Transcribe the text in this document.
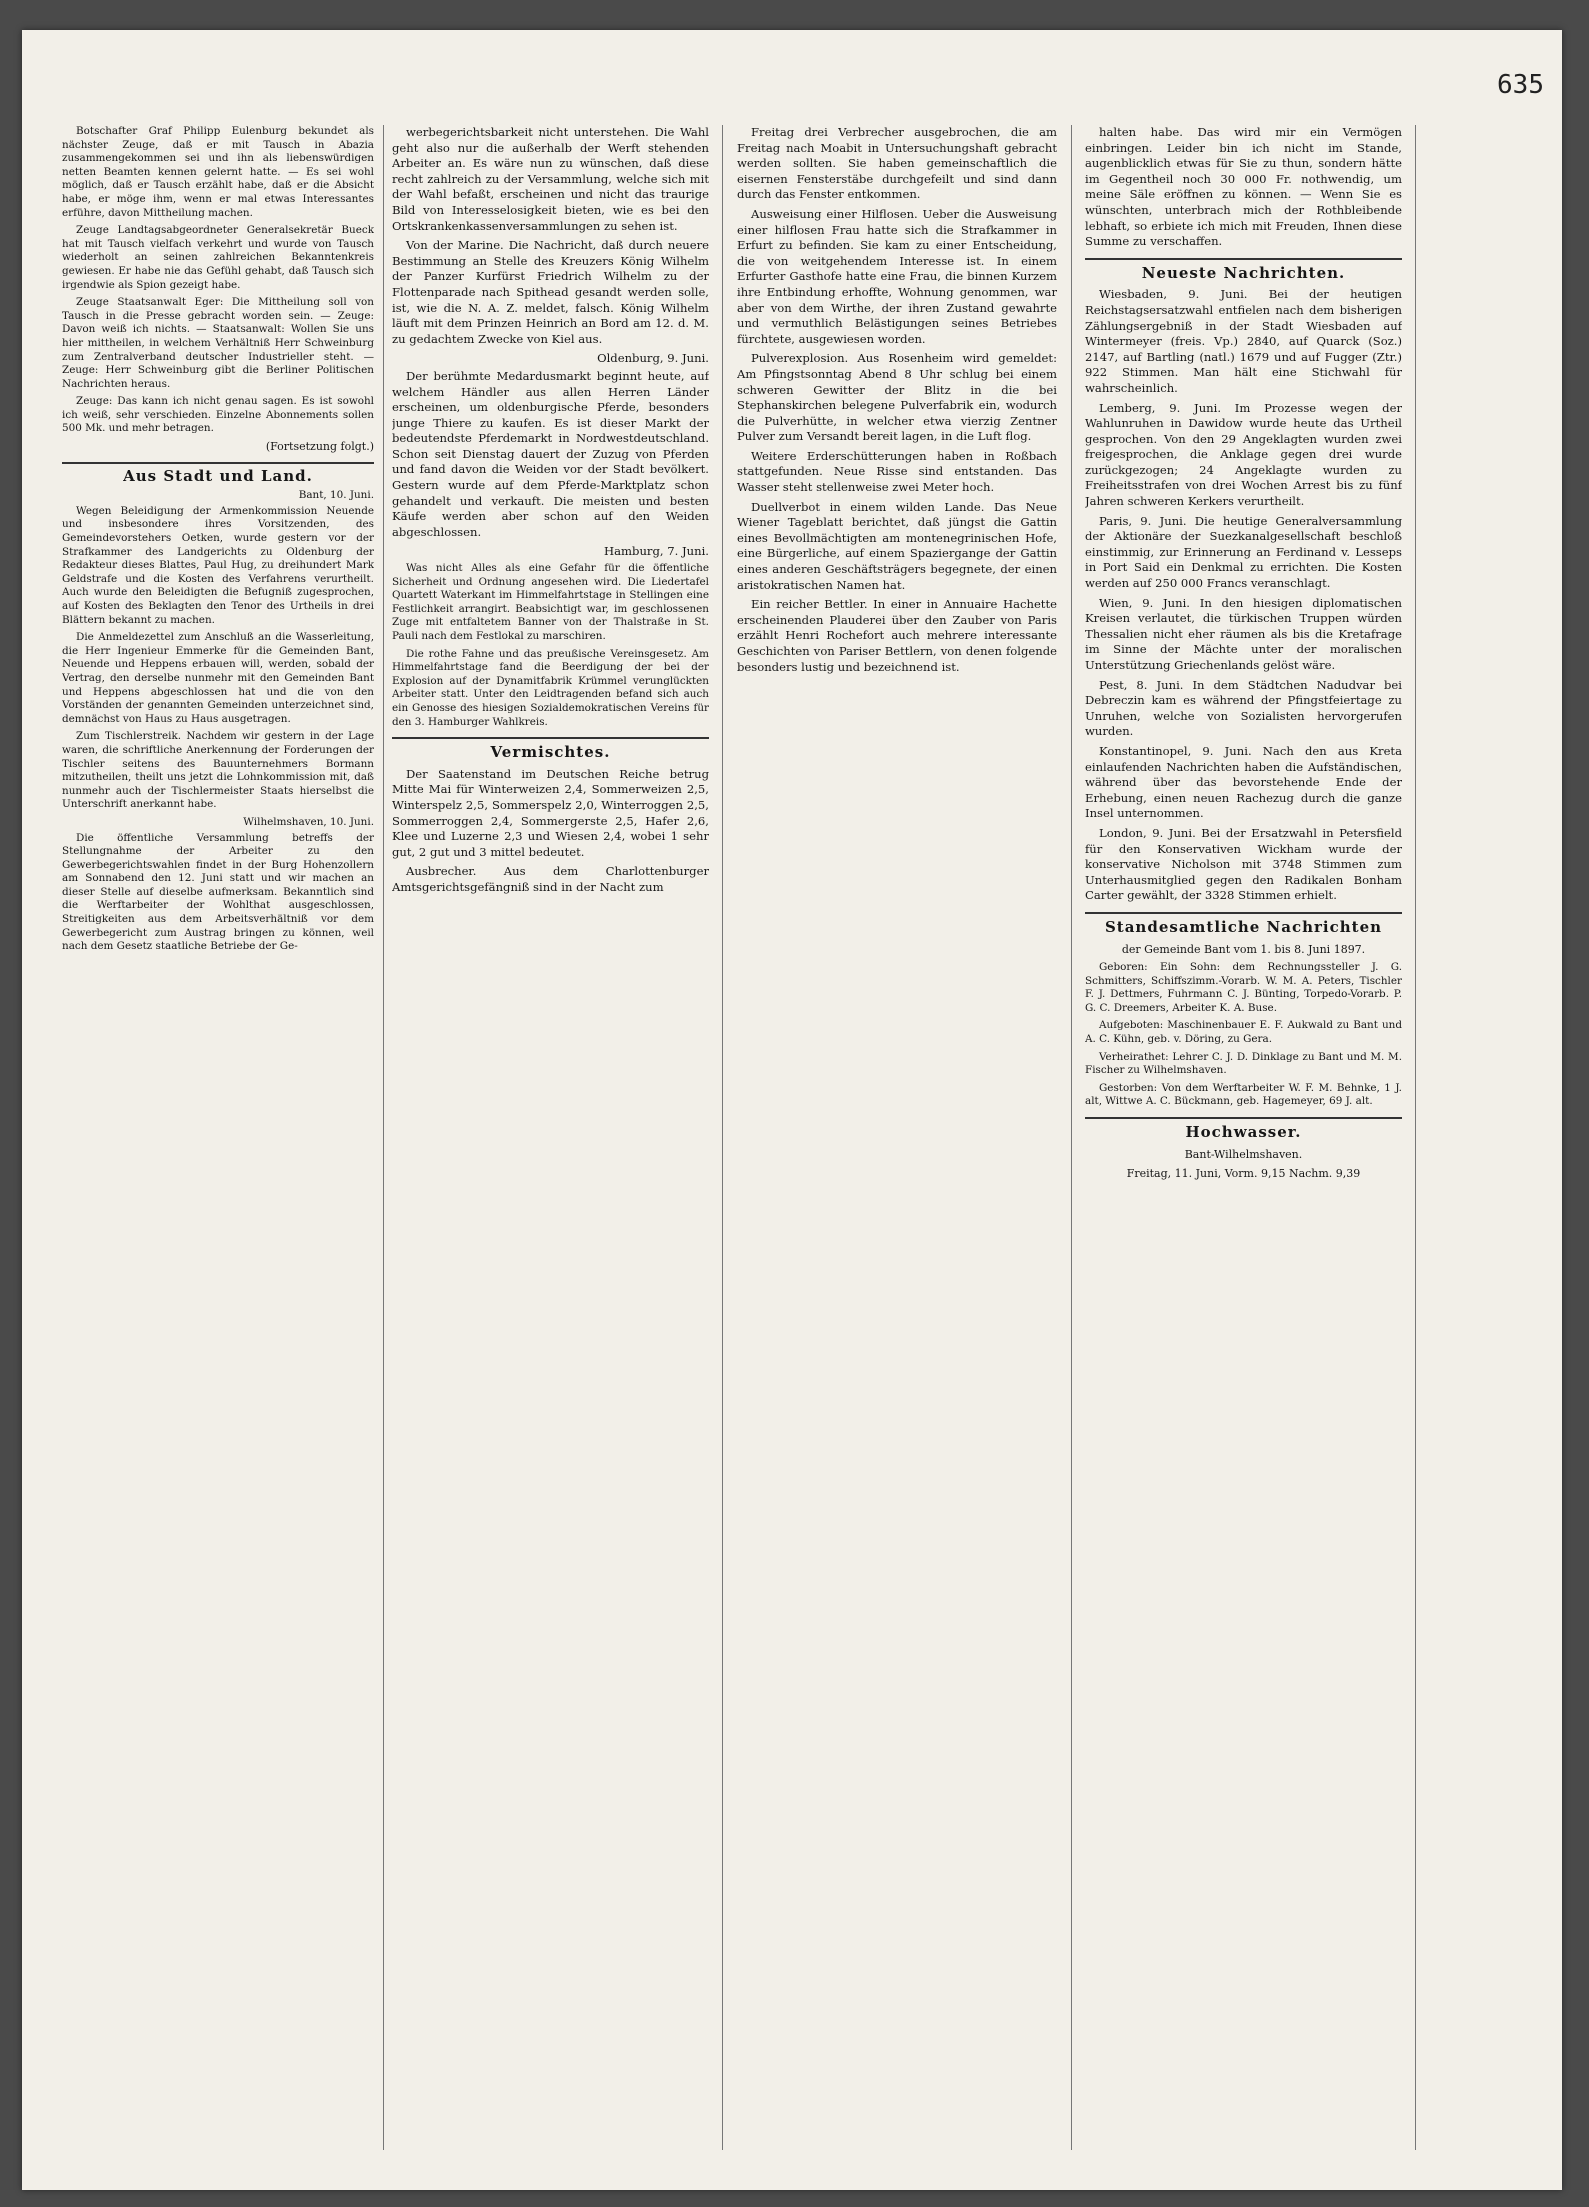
635

Botschafter Graf Philipp Eulenburg bekundet als nächster Zeuge, daß er mit Tausch in Abazia zusammengekommen sei und ihn als liebenswürdigen netten Beamten kennen gelernt hatte. — Es sei wohl möglich, daß er Tausch erzählt habe, daß er die Absicht habe, er möge ihm, wenn er mal etwas Interessantes erführe, davon Mittheilung machen.

Zeuge Landtagsabgeordneter Generalsekretär Bueck hat mit Tausch vielfach verkehrt und wurde von Tausch wiederholt an seinen zahlreichen Bekanntenkreis gewiesen. Er habe nie das Gefühl gehabt, daß Tausch sich irgendwie als Spion gezeigt habe.

Zeuge Staatsanwalt Eger: Die Mittheilung soll von Tausch in die Presse gebracht worden sein. — Zeuge: Davon weiß ich nichts. — Staatsanwalt: Wollen Sie uns hier mittheilen, in welchem Verhältniß Herr Schweinburg zum Zentralverband deutscher Industrieller steht. — Zeuge: Herr Schweinburg gibt die Berliner Politischen Nachrichten heraus.

Zeuge: Das kann ich nicht genau sagen. Es ist sowohl ich weiß, sehr verschieden. Einzelne Abonnements sollen 500 Mk. und mehr betragen.

(Fortsetzung folgt.)
Aus Stadt und Land.
Bant, 10. Juni.

Wegen Beleidigung der Armenkommission Neuende und insbesondere ihres Vorsitzenden, des Gemeindevorstehers Oetken, wurde gestern vor der Strafkammer des Landgerichts zu Oldenburg der Redakteur dieses Blattes, Paul Hug, zu dreihundert Mark Geldstrafe und die Kosten des Verfahrens verurtheilt. Auch wurde den Beleidigten die Befugniß zugesprochen, auf Kosten des Beklagten den Tenor des Urtheils in drei Blättern bekannt zu machen.

Die Anmeldezettel zum Anschluß an die Wasserleitung, die Herr Ingenieur Emmerke für die Gemeinden Bant, Neuende und Heppens erbauen will, werden, sobald der Vertrag, den derselbe nunmehr mit den Gemeinden Bant und Heppens abgeschlossen hat und die von den Vorständen der genannten Gemeinden unterzeichnet sind, demnächst von Haus zu Haus ausgetragen.

Zum Tischlerstreik. Nachdem wir gestern in der Lage waren, die schriftliche Anerkennung der Forderungen der Tischler seitens des Bauunternehmers Bormann mitzutheilen, theilt uns jetzt die Lohnkommission mit, daß nunmehr auch der Tischlermeister Staats hierselbst die Unterschrift anerkannt habe.

Wilhelmshaven, 10. Juni.

Die öffentliche Versammlung betreffs der Stellungnahme der Arbeiter zu den Gewerbegerichtswahlen findet in der Burg Hohenzollern am Sonnabend den 12. Juni statt und wir machen an dieser Stelle auf dieselbe aufmerksam. Bekanntlich sind die Werftarbeiter der Wohlthat ausgeschlossen, Streitigkeiten aus dem Arbeitsverhältniß vor dem Gewerbegericht zum Austrag bringen zu können, weil nach dem Gesetz staatliche Betriebe der Ge-

werbegerichtsbarkeit nicht unterstehen. Die Wahl geht also nur die außerhalb der Werft stehenden Arbeiter an. Es wäre nun zu wünschen, daß diese recht zahlreich zu der Versammlung, welche sich mit der Wahl befaßt, erscheinen und nicht das traurige Bild von Interesselosigkeit bieten, wie es bei den Ortskrankenkassenversammlungen zu sehen ist.

Von der Marine. Die Nachricht, daß durch neuere Bestimmung an Stelle des Kreuzers König Wilhelm der Panzer Kurfürst Friedrich Wilhelm zu der Flottenparade nach Spithead gesandt werden solle, ist, wie die N. A. Z. meldet, falsch. König Wilhelm läuft mit dem Prinzen Heinrich an Bord am 12. d. M. zu gedachtem Zwecke von Kiel aus.

Oldenburg, 9. Juni.

Der berühmte Medardusmarkt beginnt heute, auf welchem Händler aus allen Herren Länder erscheinen, um oldenburgische Pferde, besonders junge Thiere zu kaufen. Es ist dieser Markt der bedeutendste Pferdemarkt in Nordwestdeutschland. Schon seit Dienstag dauert der Zuzug von Pferden und fand davon die Weiden vor der Stadt bevölkert. Gestern wurde auf dem Pferde-Marktplatz schon gehandelt und verkauft. Die meisten und besten Käufe werden aber schon auf den Weiden abgeschlossen.

Hamburg, 7. Juni.

Was nicht Alles als eine Gefahr für die öffentliche Sicherheit und Ordnung angesehen wird. Die Liedertafel Quartett Waterkant im Himmelfahrtstage in Stellingen eine Festlichkeit arrangirt. Beabsichtigt war, im geschlossenen Zuge mit entfaltetem Banner von der Thalstraße in St. Pauli nach dem Festlokal zu marschiren.

Die rothe Fahne und das preußische Vereinsgesetz. Am Himmelfahrtstage fand die Beerdigung der bei der Explosion auf der Dynamitfabrik Krümmel verunglückten Arbeiter statt. Unter den Leidtragenden befand sich auch ein Genosse des hiesigen Sozialdemokratischen Vereins für den 3. Hamburger Wahlkreis.

Vermischtes.

Der Saatenstand im Deutschen Reiche betrug Mitte Mai für Winterweizen 2,4, Sommerweizen 2,5, Winterspelz 2,5, Sommerspelz 2,0, Winterroggen 2,5, Sommerroggen 2,4, Sommergerste 2,5, Hafer 2,6, Klee und Luzerne 2,3 und Wiesen 2,4, wobei 1 sehr gut, 2 gut und 3 mittel bedeutet.

Ausbrecher. Aus dem Charlottenburger Amtsgerichtsgefängniß sind in der Nacht zum

Freitag drei Verbrecher ausgebrochen, die am Freitag nach Moabit in Untersuchungshaft gebracht werden sollten. Sie haben gemeinschaftlich die eisernen Fensterstäbe durchgefeilt und sind dann durch das Fenster entkommen.

Ausweisung einer Hilflosen. Ueber die Ausweisung einer hilflosen Frau hatte sich die Strafkammer in Erfurt zu befinden. Sie kam zu einer Entscheidung, die von weitgehendem Interesse ist. In einem Erfurter Gasthofe hatte eine Frau, die binnen Kurzem ihre Entbindung erhoffte, Wohnung genommen, war aber von dem Wirthe, der ihren Zustand gewahrte und vermuthlich Belästigungen seines Betriebes fürchtete, ausgewiesen worden.

Pulverexplosion. Aus Rosenheim wird gemeldet: Am Pfingstsonntag Abend 8 Uhr schlug bei einem schweren Gewitter der Blitz in die bei Stephanskirchen belegene Pulverfabrik ein, wodurch die Pulverhütte, in welcher etwa vierzig Zentner Pulver zum Versandt bereit lagen, in die Luft flog.

Weitere Erderschütterungen haben in Roßbach stattgefunden. Neue Risse sind entstanden. Das Wasser steht stellenweise zwei Meter hoch.

Duellverbot in einem wilden Lande. Das Neue Wiener Tageblatt berichtet, daß jüngst die Gattin eines Bevollmächtigten am montenegrinischen Hofe, eine Bürgerliche, auf einem Spaziergange der Gattin eines anderen Geschäftsträgers begegnete, der einen aristokratischen Namen hat.

Ein reicher Bettler. In einer in Annuaire Hachette erscheinenden Plauderei über den Zauber von Paris erzählt Henri Rochefort auch mehrere interessante Geschichten von Pariser Bettlern, von denen folgende besonders lustig und bezeichnend ist.

halten habe. Das wird mir ein Vermögen einbringen. Leider bin ich nicht im Stande, augenblicklich etwas für Sie zu thun, sondern hätte im Gegentheil noch 30 000 Fr. nothwendig, um meine Säle eröffnen zu können. — Wenn Sie es wünschten, unterbrach mich der Rothbleibende lebhaft, so erbiete ich mich mit Freuden, Ihnen diese Summe zu verschaffen.

Neueste Nachrichten.

Wiesbaden, 9. Juni. Bei der heutigen Reichstagsersatzwahl entfielen nach dem bisherigen Zählungsergebniß in der Stadt Wiesbaden auf Wintermeyer (freis. Vp.) 2840, auf Quarck (Soz.) 2147, auf Bartling (natl.) 1679 und auf Fugger (Ztr.) 922 Stimmen. Man hält eine Stichwahl für wahrscheinlich.

Lemberg, 9. Juni. Im Prozesse wegen der Wahlunruhen in Dawidow wurde heute das Urtheil gesprochen. Von den 29 Angeklagten wurden zwei freigesprochen, die Anklage gegen drei wurde zurückgezogen; 24 Angeklagte wurden zu Freiheitsstrafen von drei Wochen Arrest bis zu fünf Jahren schweren Kerkers verurtheilt.

Paris, 9. Juni. Die heutige Generalversammlung der Aktionäre der Suezkanalgesellschaft beschloß einstimmig, zur Erinnerung an Ferdinand v. Lesseps in Port Said ein Denkmal zu errichten. Die Kosten werden auf 250 000 Francs veranschlagt.

Wien, 9. Juni. In den hiesigen diplomatischen Kreisen verlautet, die türkischen Truppen würden Thessalien nicht eher räumen als bis die Kretafrage im Sinne der Mächte unter der moralischen Unterstützung Griechenlands gelöst wäre.

Pest, 8. Juni. In dem Städtchen Nadudvar bei Debreczin kam es während der Pfingstfeiertage zu Unruhen, welche von Sozialisten hervorgerufen wurden.

Konstantinopel, 9. Juni. Nach den aus Kreta einlaufenden Nachrichten haben die Aufständischen, während über das bevorstehende Ende der Erhebung, einen neuen Rachezug durch die ganze Insel unternommen.

London, 9. Juni. Bei der Ersatzwahl in Petersfield für den Konservativen Wickham wurde der konservative Nicholson mit 3748 Stimmen zum Unterhausmitglied gegen den Radikalen Bonham Carter gewählt, der 3328 Stimmen erhielt.

Standesamtliche Nachrichten
der Gemeinde Bant vom 1. bis 8. Juni 1897.

Geboren: Ein Sohn: dem Rechnungssteller J. G. Schmitters, Schiffszimm.-Vorarb. W. M. A. Peters, Tischler F. J. Dettmers, Fuhrmann C. J. Bünting, Torpedo-Vorarb. P. G. C. Dreemers, Arbeiter K. A. Buse.

Aufgeboten: Maschinenbauer E. F. Aukwald zu Bant und A. C. Kühn, geb. v. Döring, zu Gera.

Verheirathet: Lehrer C. J. D. Dinklage zu Bant und M. M. Fischer zu Wilhelmshaven.

Gestorben: Von dem Werftarbeiter W. F. M. Behnke, 1 J. alt, Wittwe A. C. Bückmann, geb. Hagemeyer, 69 J. alt.

Hochwasser.
Bant-Wilhelmshaven.
Freitag, 11. Juni, Vorm. 9,15 Nachm. 9,39
